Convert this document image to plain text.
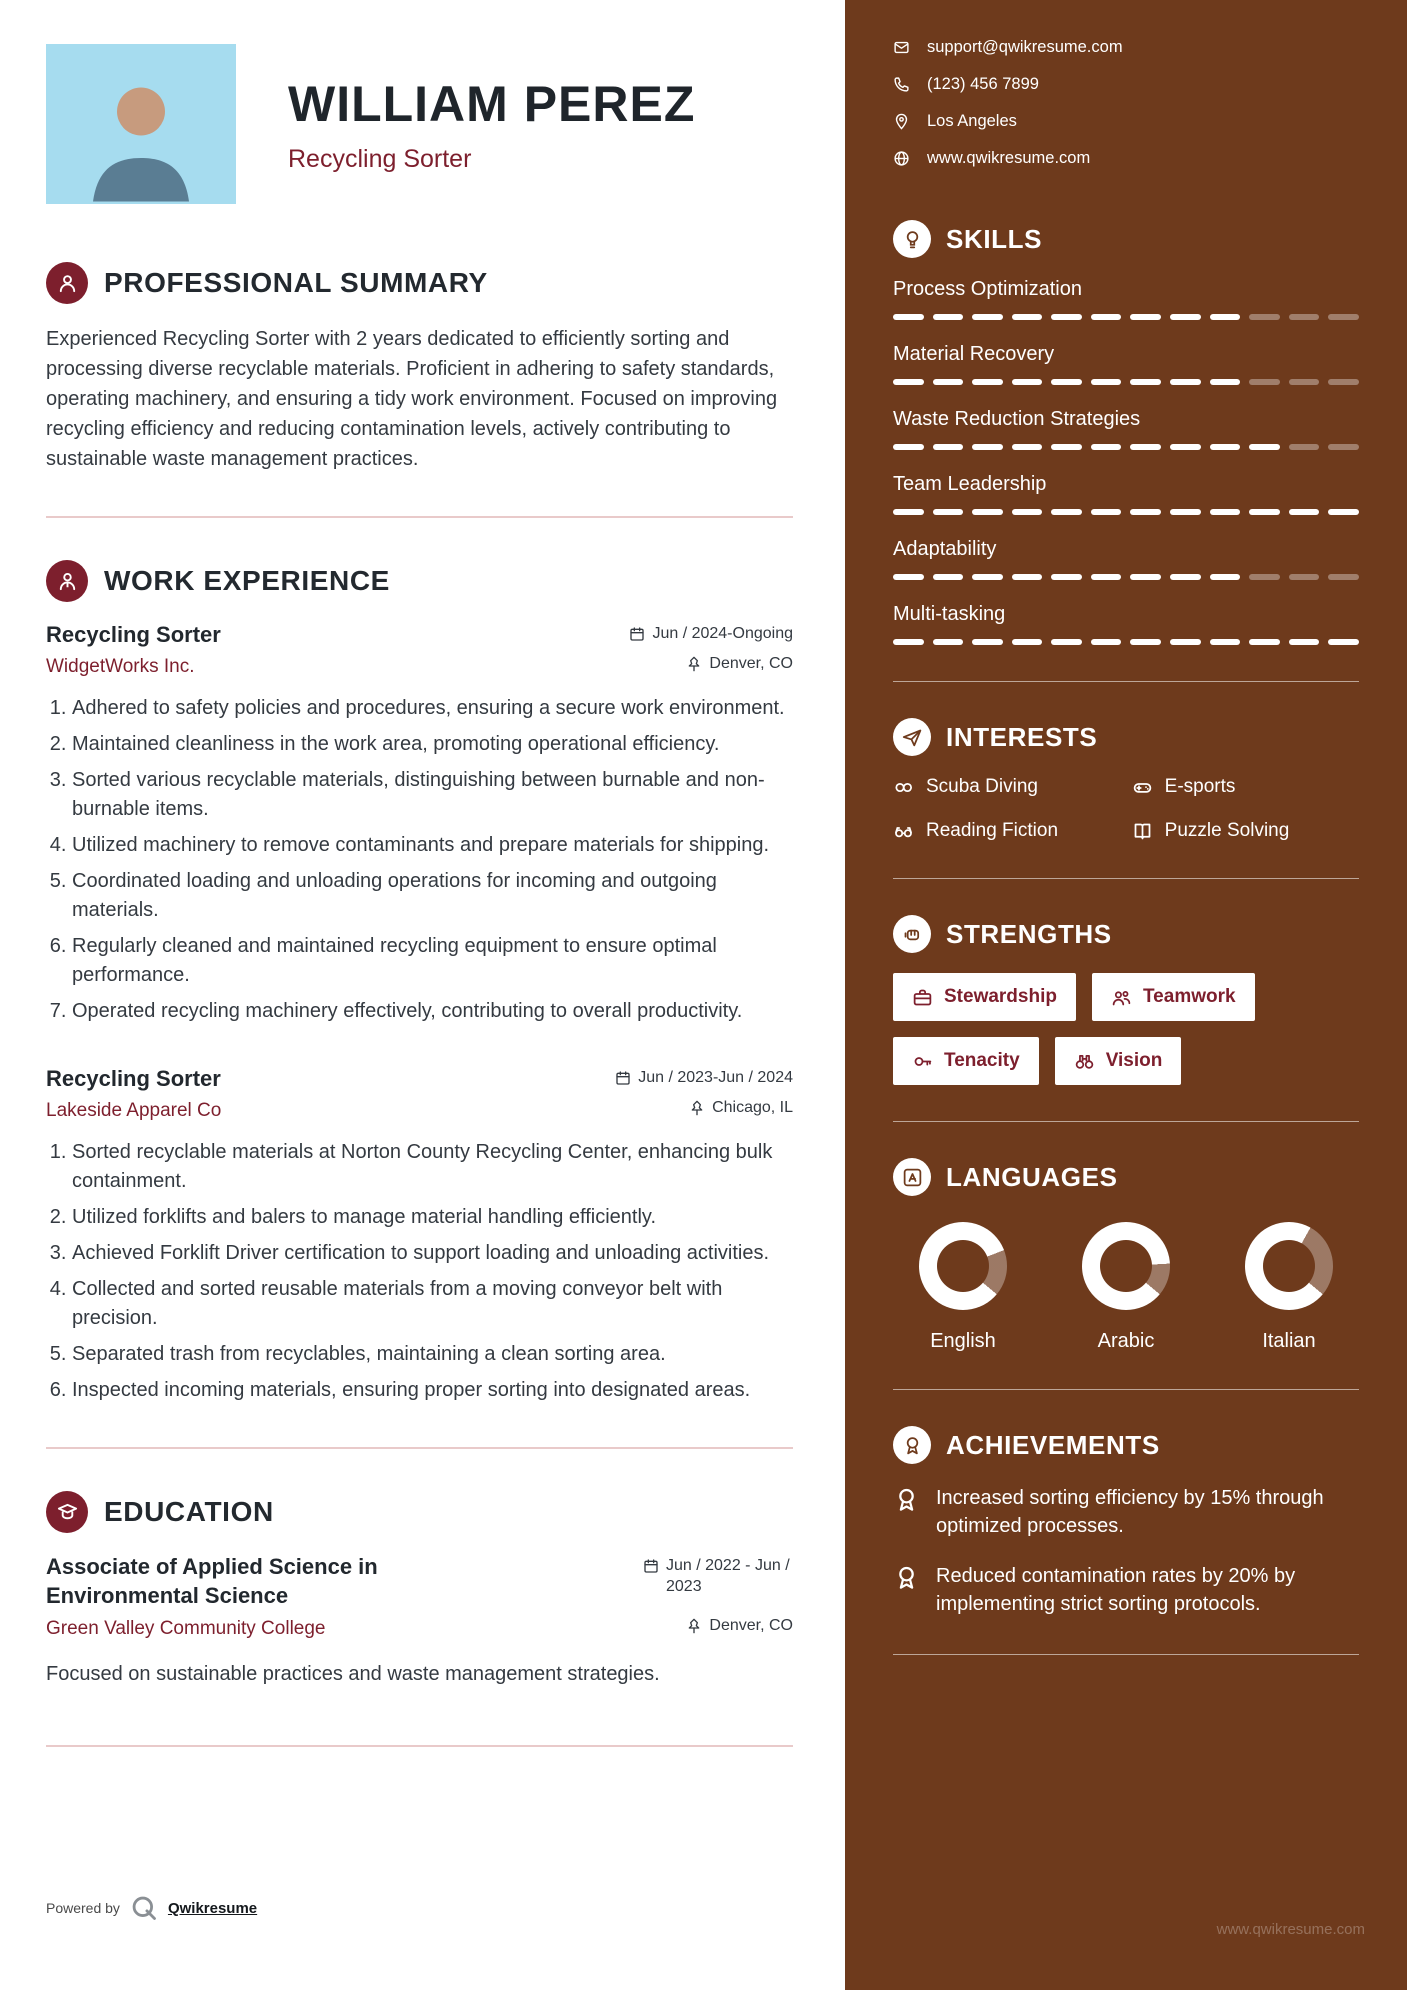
WILLIAM PEREZ
Recycling Sorter
PROFESSIONAL SUMMARY

Experienced Recycling Sorter with 2 years dedicated to efficiently sorting and processing diverse recyclable materials. Proficient in adhering to safety standards, operating machinery, and ensuring a tidy work environment. Focused on improving recycling efficiency and reducing contamination levels, actively contributing to sustainable waste management practices.

WORK EXPERIENCE
Recycling Sorter	Jun / 2024-Ongoing
WidgetWorks Inc.	Denver, CO
1. Adhered to safety policies and procedures, ensuring a secure work environment.
2. Maintained cleanliness in the work area, promoting operational efficiency.
3. Sorted various recyclable materials, distinguishing between burnable and non-burnable items.
4. Utilized machinery to remove contaminants and prepare materials for shipping.
5. Coordinated loading and unloading operations for incoming and outgoing materials.
6. Regularly cleaned and maintained recycling equipment to ensure optimal performance.
7. Operated recycling machinery effectively, contributing to overall productivity.
Recycling Sorter	Jun / 2023-Jun / 2024
Lakeside Apparel Co	Chicago, IL
1. Sorted recyclable materials at Norton County Recycling Center, enhancing bulk containment.
2. Utilized forklifts and balers to manage material handling efficiently.
3. Achieved Forklift Driver certification to support loading and unloading activities.
4. Collected and sorted reusable materials from a moving conveyor belt with precision.
5. Separated trash from recyclables, maintaining a clean sorting area.
6. Inspected incoming materials, ensuring proper sorting into designated areas.
EDUCATION
Associate of Applied Science in Environmental Science
Jun / 2022 - Jun / 2023
Green Valley Community College	Denver, CO

Focused on sustainable practices and waste management strategies.

Powered by	Qwikresume
support@qwikresume.com
(123) 456 7899
Los Angeles
www.qwikresume.com
SKILLS
Process Optimization
Material Recovery
Waste Reduction Strategies
Team Leadership
Adaptability
Multi-tasking
INTERESTS
Scuba Diving	E-sports
Reading Fiction	Puzzle Solving
STRENGTHS
Stewardship	Teamwork
Tenacity	Vision
LANGUAGES
English	Arabic	Italian
ACHIEVEMENTS
Increased sorting efficiency by 15% through optimized processes.
Reduced contamination rates by 20% by implementing strict sorting protocols.
www.qwikresume.com
